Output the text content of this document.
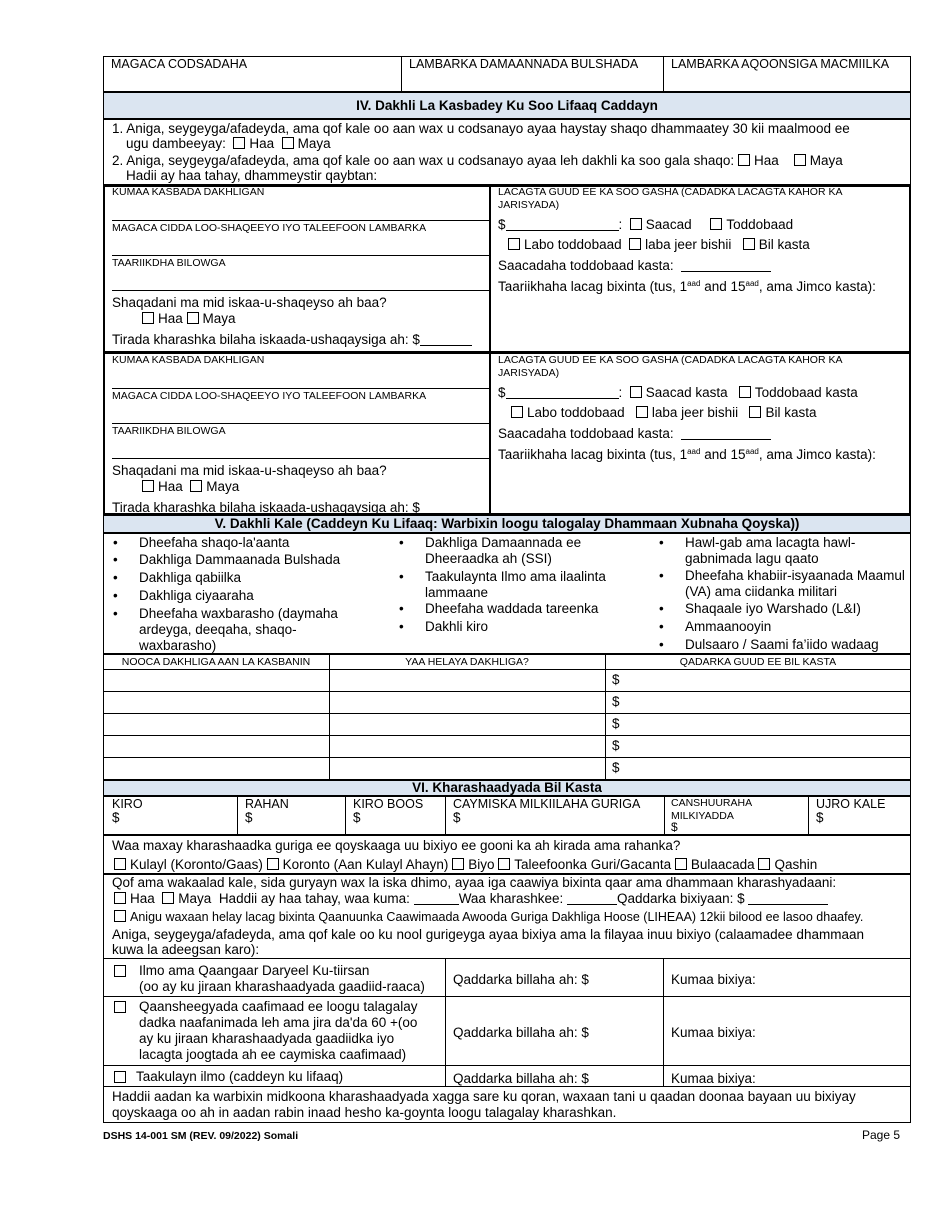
MAGACA CODSADAHA	LAMBARKA DAMAANNADA BULSHADA	LAMBARKA AQOONSIGA MACMIILKA
IV. Dakhli La Kasbadey Ku Soo Lifaaq Caddayn
1. Aniga, seygeyga/afadeyda, ama qof kale oo aan wax u codsanayo ayaa haystay shaqo dhammaatey 30 kii maalmood ee
ugu dambeeyay: Haa Maya
2. Aniga, seygeyga/afadeyda, ama qof kale oo aan wax u codsanayo ayaa leh dakhli ka soo gala shaqo: Haa Maya
Hadii ay haa tahay, dhammeystir qaybtan:
KUMAA KASBADA DAKHLIGAN
MAGACA CIDDA LOO-SHAQEEYO IYO TALEEFOON LAMBARKA
TAARIIKDHA BILOWGA
Shaqadani ma mid iskaa-u-shaqeyso ah baa?
Haa Maya
Tirada kharashka bilaha iskaada-ushaqaysiga ah: $
LACAGTA GUUD EE KA SOO GASHA (CADADKA LACAGTA KAHOR KA
JARISYADA)
$	: Saacad	Toddobaad
Labo toddobaad laba jeer bishii Bil kasta
Saacadaha toddobaad kasta:
Taariikhaha lacag bixinta (tus, $1^{aad}$ and $15^{aad}$, ama Jimco kasta):
KUMAA KASBADA DAKHLIGAN
MAGACA CIDDA LOO-SHAQEEYO IYO TALEEFOON LAMBARKA
TAARIIKDHA BILOWGA
Shaqadani ma mid iskaa-u-shaqeyso ah baa?
Haa Maya
Tirada kharashka bilaha iskaada-ushaqaysiga ah: $
LACAGTA GUUD EE KA SOO GASHA (CADADKA LACAGTA KAHOR KA
JARISYADA)
$	: Saacad kasta Toddobaad kasta
Labo toddobaad laba jeer bishii Bil kasta
Saacadaha toddobaad kasta:
Taariikhaha lacag bixinta (tus, $1^{aad}$ and $15^{aad}$, ama Jimco kasta):
V. Dakhli Kale (Caddeyn Ku Lifaaq: Warbixin loogu talogalay Dhammaan Xubnaha Qoyska))
• Dheefaha shaqo-la'aanta
• Dakhliga Dammaanada Bulshada
• Dakhliga qabiilka
• Dakhliga ciyaaraha
• Dheefaha waxbarasho (daymaha ardeyga, deeqaha, shaqo-waxbarasho)
• Dakhliga Damaannada ee Dheeraadka ah (SSI)
• Taakulaynta Ilmo ama ilaalinta lammaane
• Dheefaha waddada tareenka
• Dakhli kiro
• Hawl-gab ama lacagta hawl-gabnimada lagu qaato
• Dheefaha khabiir-isyaanada Maamul (VA) ama ciidanka militari
• Shaqaale iyo Warshado (L&I)
• Ammaanooyin
• Dulsaaro / Saami fa’iido wadaag
NOOCA DAKHLIGA AAN LA KASBANIN	YAA HELAYA DAKHLIGA?	QADARKA GUUD EE BIL KASTA
$
$
$
$
$
VI. Kharashaadyada Bil Kasta
KIRO
$
RAHAN
$
KIRO BOOS
$
CAYMISKA MILKIILAHA GURIGA
$
CANSHUURAHA
MILKIYADDA
$
UJRO KALE
$
Waa maxay kharashaadka guriga ee qoyskaaga uu bixiyo ee gooni ka ah kirada ama rahanka?
Kulayl (Koronto/Gaas) Koronto (Aan Kulayl Ahayn) Biyo Taleefoonka Guri/Gacanta Bulaacada Qashin
Qof ama wakaalad kale, sida guryayn wax la iska dhimo, ayaa iga caawiya bixinta qaar ama dhammaan kharashyadaani:
Haa Maya Haddii ay haa tahay, waa kuma:	Waa kharashkee:	Qaddarka bixiyaan: $
Anigu waxaan helay lacag bixinta Qaanuunka Caawimaada Awooda Guriga Dakhliga Hoose (LIHEAA) 12kii bilood ee lasoo dhaafey.
Aniga, seygeyga/afadeyda, ama qof kale oo ku nool gurigeyga ayaa bixiya ama la filayaa inuu bixiyo (calaamadee dhammaan
kuwa la adeegsan karo):
Ilmo ama Qaangaar Daryeel Ku-tiirsan
(oo ay ku jiraan kharashaadyada gaadiid-raaca) Qaddarka billaha ah: $	Kumaa bixiya:
Qaansheegyada caafimaad ee loogu talagalay
dadka naafanimada leh ama jira da'da 60 +(oo
ay ku jiraan kharashaadyada gaadiidka iyo
lacagta joogtada ah ee caymiska caafimaad)
Qaddarka billaha ah: $	Kumaa bixiya:
Taakulayn ilmo (caddeyn ku lifaaq)	Qaddarka billaha ah: $	Kumaa bixiya:
Haddii aadan ka warbixin midkoona kharashaadyada xagga sare ku qoran, waxaan tani u qaadan doonaa bayaan uu bixiyay
qoyskaaga oo ah in aadan rabin inaad hesho ka-goynta loogu talagalay kharashkan.
DSHS 14-001 SM (REV. 09/2022) Somali	Page 5
